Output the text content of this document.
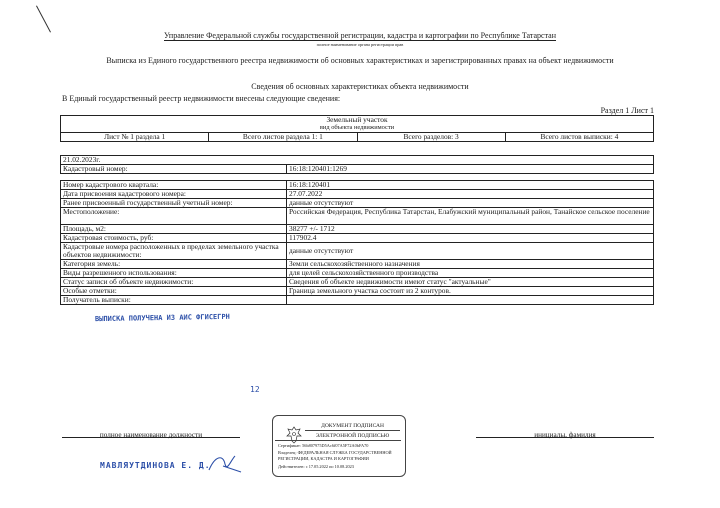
Управление Федеральной службы государственной регистрации, кадастра и картографии по Республике Татарстан
полное наименование органа регистрации прав
Выписка из Единого государственного реестра недвижимости об основных характеристиках и зарегистрированных правах на объект недвижимости
Сведения об основных характеристиках объекта недвижимости
В Единый государственный реестр недвижимости внесены следующие сведения:
Раздел 1 Лист 1
Земельный участок
вид объекта недвижимости
Лист № 1 раздела 1	Всего листов раздела 1: 1	Всего разделов: 3	Всего листов выписки: 4
21.02.2023г.
Кадастровый номер:	16:18:120401:1269
Номер кадастрового квартала:	16:18:120401
Дата присвоения кадастрового номера:	27.07.2022
Ранее присвоенный государственный учетный номер:	данные отсутствуют
Местоположение:	Российская Федерация, Республика Татарстан, Елабужский муниципальный район, Танайское сельское поселение
Площадь, м2:	38277 +/- 1712
Кадастровая стоимость, руб:	117902.4
Кадастровые номера расположенных в пределах земельного участка объектов недвижимости:	данные отсутствуют
Категория земель:	Земли сельскохозяйственного назначения
Виды разрешенного использования:	для целей сельскохозяйственного производства
Статус записи об объекте недвижимости:	Сведения об объекте недвижимости имеют статус "актуальные"
Особые отметки:	Граница земельного участка состоит из 2 контуров.
Получатель выписки:	
ВЫПИСКА ПОЛУЧЕНА ИЗ АИС ФГИСЕГРН
12
полное наименование должности	инициалы, фамилия
МАВЛЯУТДИНОВА Е. Д.
ДОКУМЕНТ ПОДПИСАН
ЭЛЕКТРОННОЙ ПОДПИСЬЮ
Сертификат: 56b807975D5Ac6f07A5F72A0bFA70
Владелец: ФЕДЕРАЛЬНАЯ СЛУЖБА ГОСУДАРСТВЕННОЙ
РЕГИСТРАЦИИ, КАДАСТРА И КАРТОГРАФИИ
Действителен: с 17.05.2022 по 10.08.2023
